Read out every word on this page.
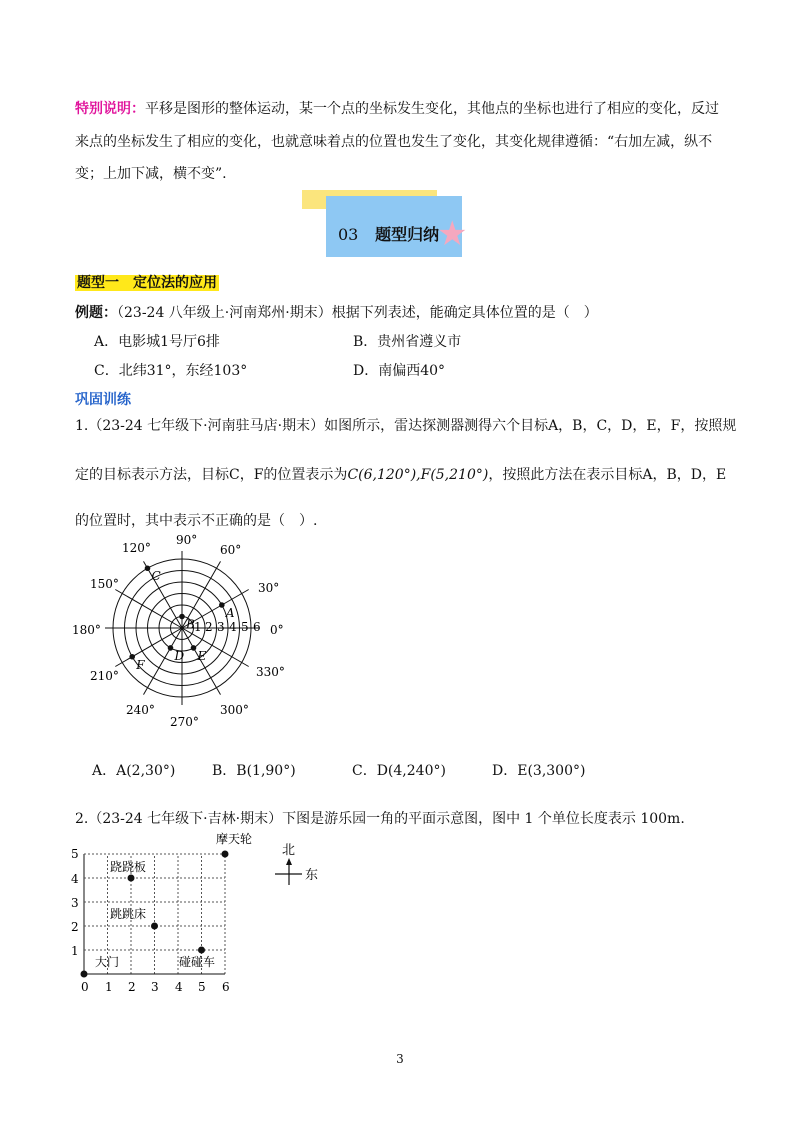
特别说明：平移是图形的整体运动，某一个点的坐标发生变化，其他点的坐标也进行了相应的变化，反过
来点的坐标发生了相应的变化，也就意味着点的位置也发生了变化，其变化规律遵循：“右加左减，纵不
变；上加下减，横不变”.
03 题型归纳
★
题型一　定位法的应用
例题：（23-24 八年级上·河南郑州·期末）根据下列表述，能确定具体位置的是（　）
A．电影城1号厅6排	B．贵州省遵义市
C．北纬31°，东经103°	D．南偏西40°
巩固训练
1.（23-24 七年级下·河南驻马店·期末）如图所示，雷达探测器测得六个目标A，B，C，D，E，F，按照规
定的目标表示方法，目标C，F的位置表示为C(6,120°),F(5,210°)，按照此方法在表示目标A，B，D，E
的位置时，其中表示不正确的是（　）.
A
B
C
D E
F
90°
60°
30°
0°
330°
300°
270°
240°
210°
180°
150°
120°
1 2 3 4 5 6
A．A(2,30°)	B．B(1,90°)	C．D(4,240°)	D．E(3,300°)
2.（23-24 七年级下·吉林·期末）下图是游乐园一角的平面示意图，图中 1 个单位长度表示 100m.
0 1 2 3 4 5 6
1
2
3
4
5
摩天轮
跷跷板
跳跳床
碰碰车
大门
北
东
3
